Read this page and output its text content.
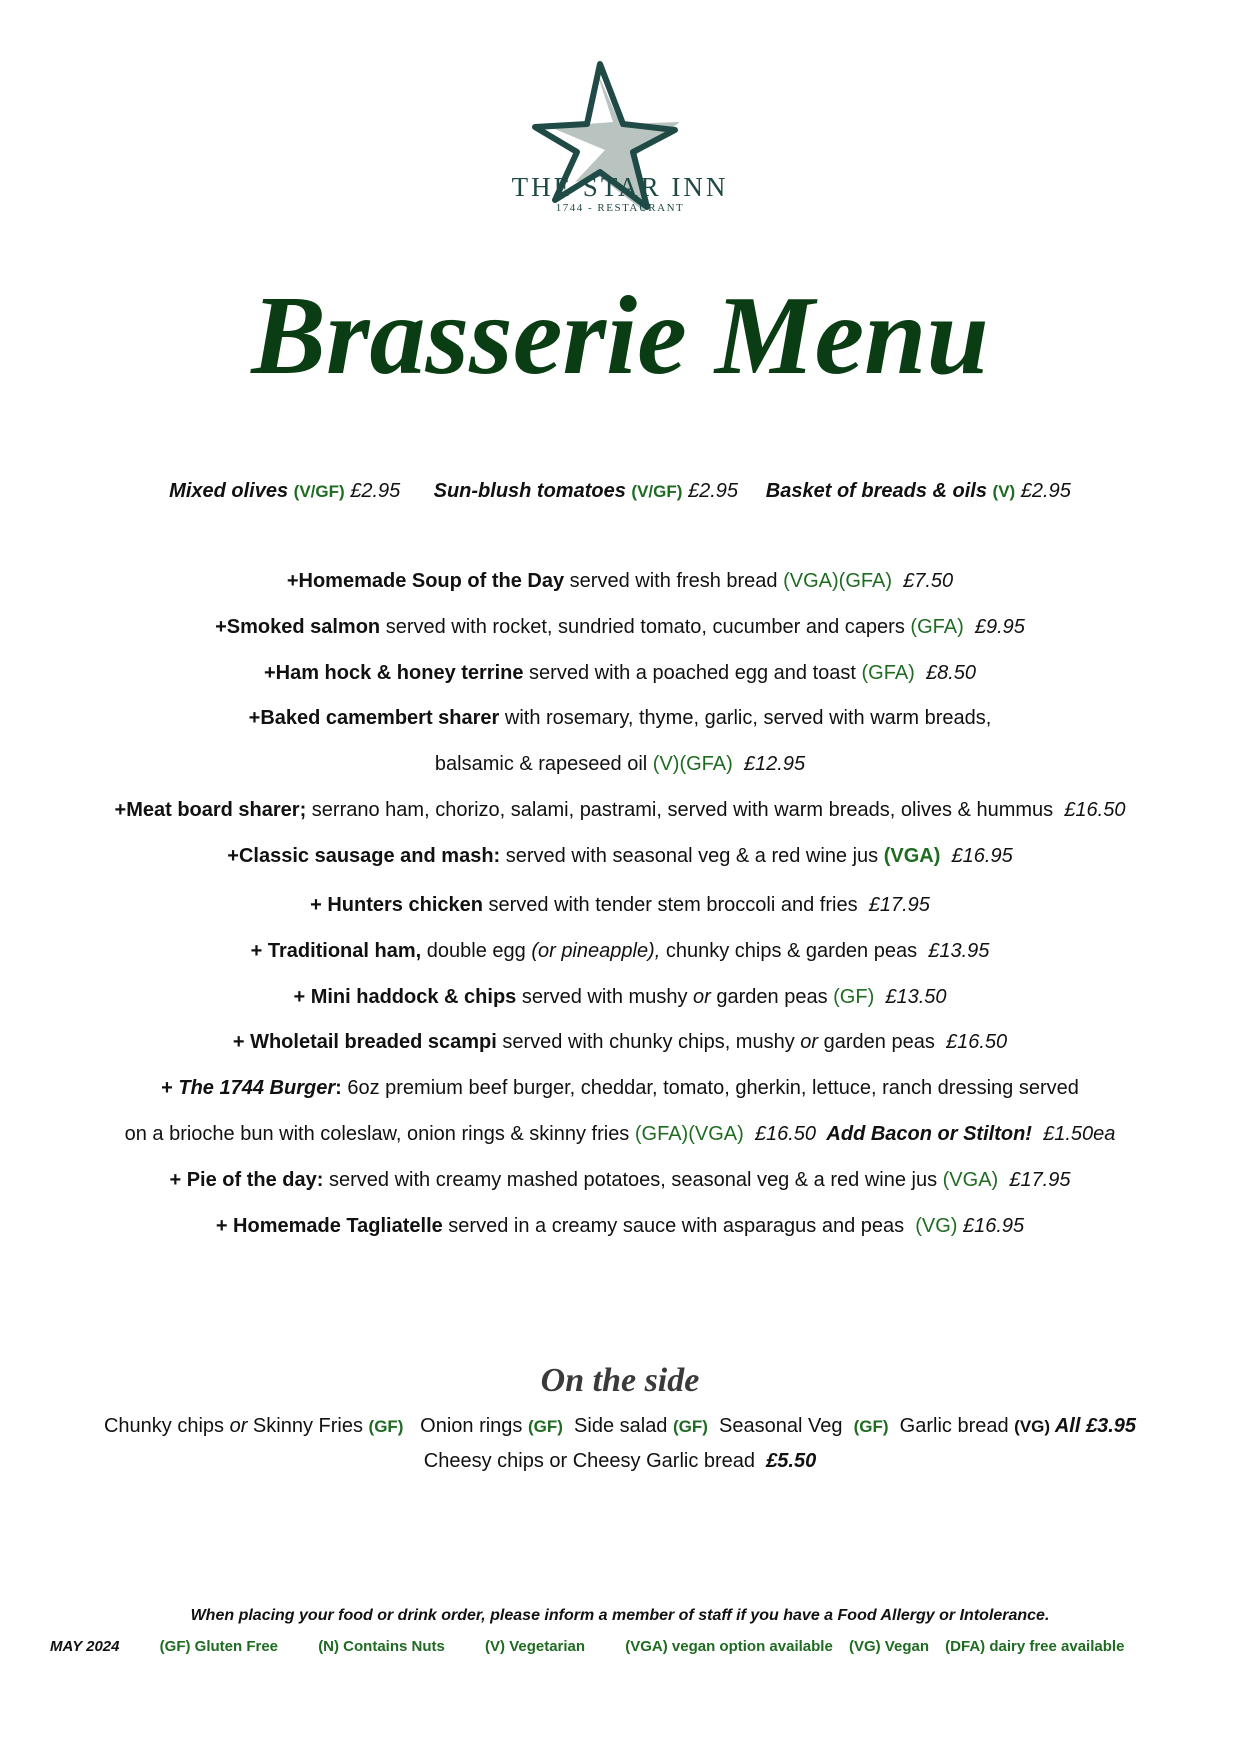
THE STAR INN
1744 - RESTAURANT
Brasserie Menu
Mixed olives (V/GF) £2.95      Sun-blush tomatoes (V/GF) £2.95     Basket of breads & oils (V) £2.95
+Homemade Soup of the Day served with fresh bread (VGA)(GFA)  £7.50
+Smoked salmon served with rocket, sundried tomato, cucumber and capers (GFA)  £9.95
+Ham hock & honey terrine served with a poached egg and toast (GFA)  £8.50
+Baked camembert sharer with rosemary, thyme, garlic, served with warm breads,
balsamic & rapeseed oil (V)(GFA)  £12.95
+Meat board sharer; serrano ham, chorizo, salami, pastrami, served with warm breads, olives & hummus  £16.50
+Classic sausage and mash: served with seasonal veg & a red wine jus (VGA)  £16.95
+ Hunters chicken served with tender stem broccoli and fries  £17.95
+ Traditional ham, double egg (or pineapple), chunky chips & garden peas  £13.95
+ Mini haddock & chips served with mushy or garden peas (GF)  £13.50
+ Wholetail breaded scampi served with chunky chips, mushy or garden peas  £16.50
+ The 1744 Burger: 6oz premium beef burger, cheddar, tomato, gherkin, lettuce, ranch dressing served
on a brioche bun with coleslaw, onion rings & skinny fries (GFA)(VGA)  £16.50  Add Bacon or Stilton!  £1.50ea
+ Pie of the day: served with creamy mashed potatoes, seasonal veg & a red wine jus (VGA)  £17.95
+ Homemade Tagliatelle served in a creamy sauce with asparagus and peas  (VG) £16.95
On the side
Chunky chips or Skinny Fries (GF)   Onion rings (GF)  Side salad (GF)  Seasonal Veg  (GF)  Garlic bread (VG) All £3.95
Cheesy chips or Cheesy Garlic bread  £5.50
When placing your food or drink order, please inform a member of staff if you have a Food Allergy or Intolerance.
MAY 2024	(GF) Gluten Free	(N) Contains Nuts	(V) Vegetarian	(VGA) vegan option available (VG) Vegan (DFA) dairy free available
